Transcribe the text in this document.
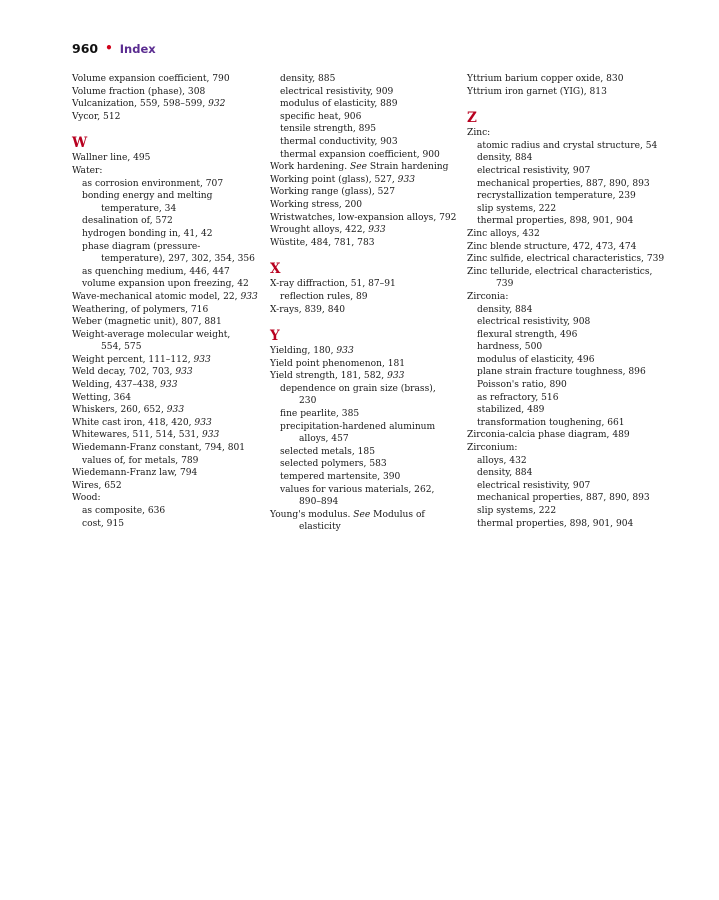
960 • Index
Volume expansion coefficient, 790
Volume fraction (phase), 308
Vulcanization, 559, 598–599, 932
Vycor, 512
W
Wallner line, 495
Water:
as corrosion environment, 707
bonding energy and melting
temperature, 34
desalination of, 572
hydrogen bonding in, 41, 42
phase diagram (pressure-
temperature), 297, 302, 354, 356
as quenching medium, 446, 447
volume expansion upon freezing, 42
Wave-mechanical atomic model, 22, 933
Weathering, of polymers, 716
Weber (magnetic unit), 807, 881
Weight-average molecular weight,
554, 575
Weight percent, 111–112, 933
Weld decay, 702, 703, 933
Welding, 437–438, 933
Wetting, 364
Whiskers, 260, 652, 933
White cast iron, 418, 420, 933
Whitewares, 511, 514, 531, 933
Wiedemann-Franz constant, 794, 801
values of, for metals, 789
Wiedemann-Franz law, 794
Wires, 652
Wood:
as composite, 636
cost, 915
density, 885
electrical resistivity, 909
modulus of elasticity, 889
specific heat, 906
tensile strength, 895
thermal conductivity, 903
thermal expansion coefficient, 900
Work hardening. See Strain hardening
Working point (glass), 527, 933
Working range (glass), 527
Working stress, 200
Wristwatches, low-expansion alloys, 792
Wrought alloys, 422, 933
Wüstite, 484, 781, 783
X
X-ray diffraction, 51, 87–91
reflection rules, 89
X-rays, 839, 840
Y
Yielding, 180, 933
Yield point phenomenon, 181
Yield strength, 181, 582, 933
dependence on grain size (brass),
230
fine pearlite, 385
precipitation-hardened aluminum
alloys, 457
selected metals, 185
selected polymers, 583
tempered martensite, 390
values for various materials, 262,
890–894
Young's modulus. See Modulus of
elasticity
Yttrium barium copper oxide, 830
Yttrium iron garnet (YIG), 813
Z
Zinc:
atomic radius and crystal structure, 54
density, 884
electrical resistivity, 907
mechanical properties, 887, 890, 893
recrystallization temperature, 239
slip systems, 222
thermal properties, 898, 901, 904
Zinc alloys, 432
Zinc blende structure, 472, 473, 474
Zinc sulfide, electrical characteristics, 739
Zinc telluride, electrical characteristics,
739
Zirconia:
density, 884
electrical resistivity, 908
flexural strength, 496
hardness, 500
modulus of elasticity, 496
plane strain fracture toughness, 896
Poisson's ratio, 890
as refractory, 516
stabilized, 489
transformation toughening, 661
Zirconia-calcia phase diagram, 489
Zirconium:
alloys, 432
density, 884
electrical resistivity, 907
mechanical properties, 887, 890, 893
slip systems, 222
thermal properties, 898, 901, 904
